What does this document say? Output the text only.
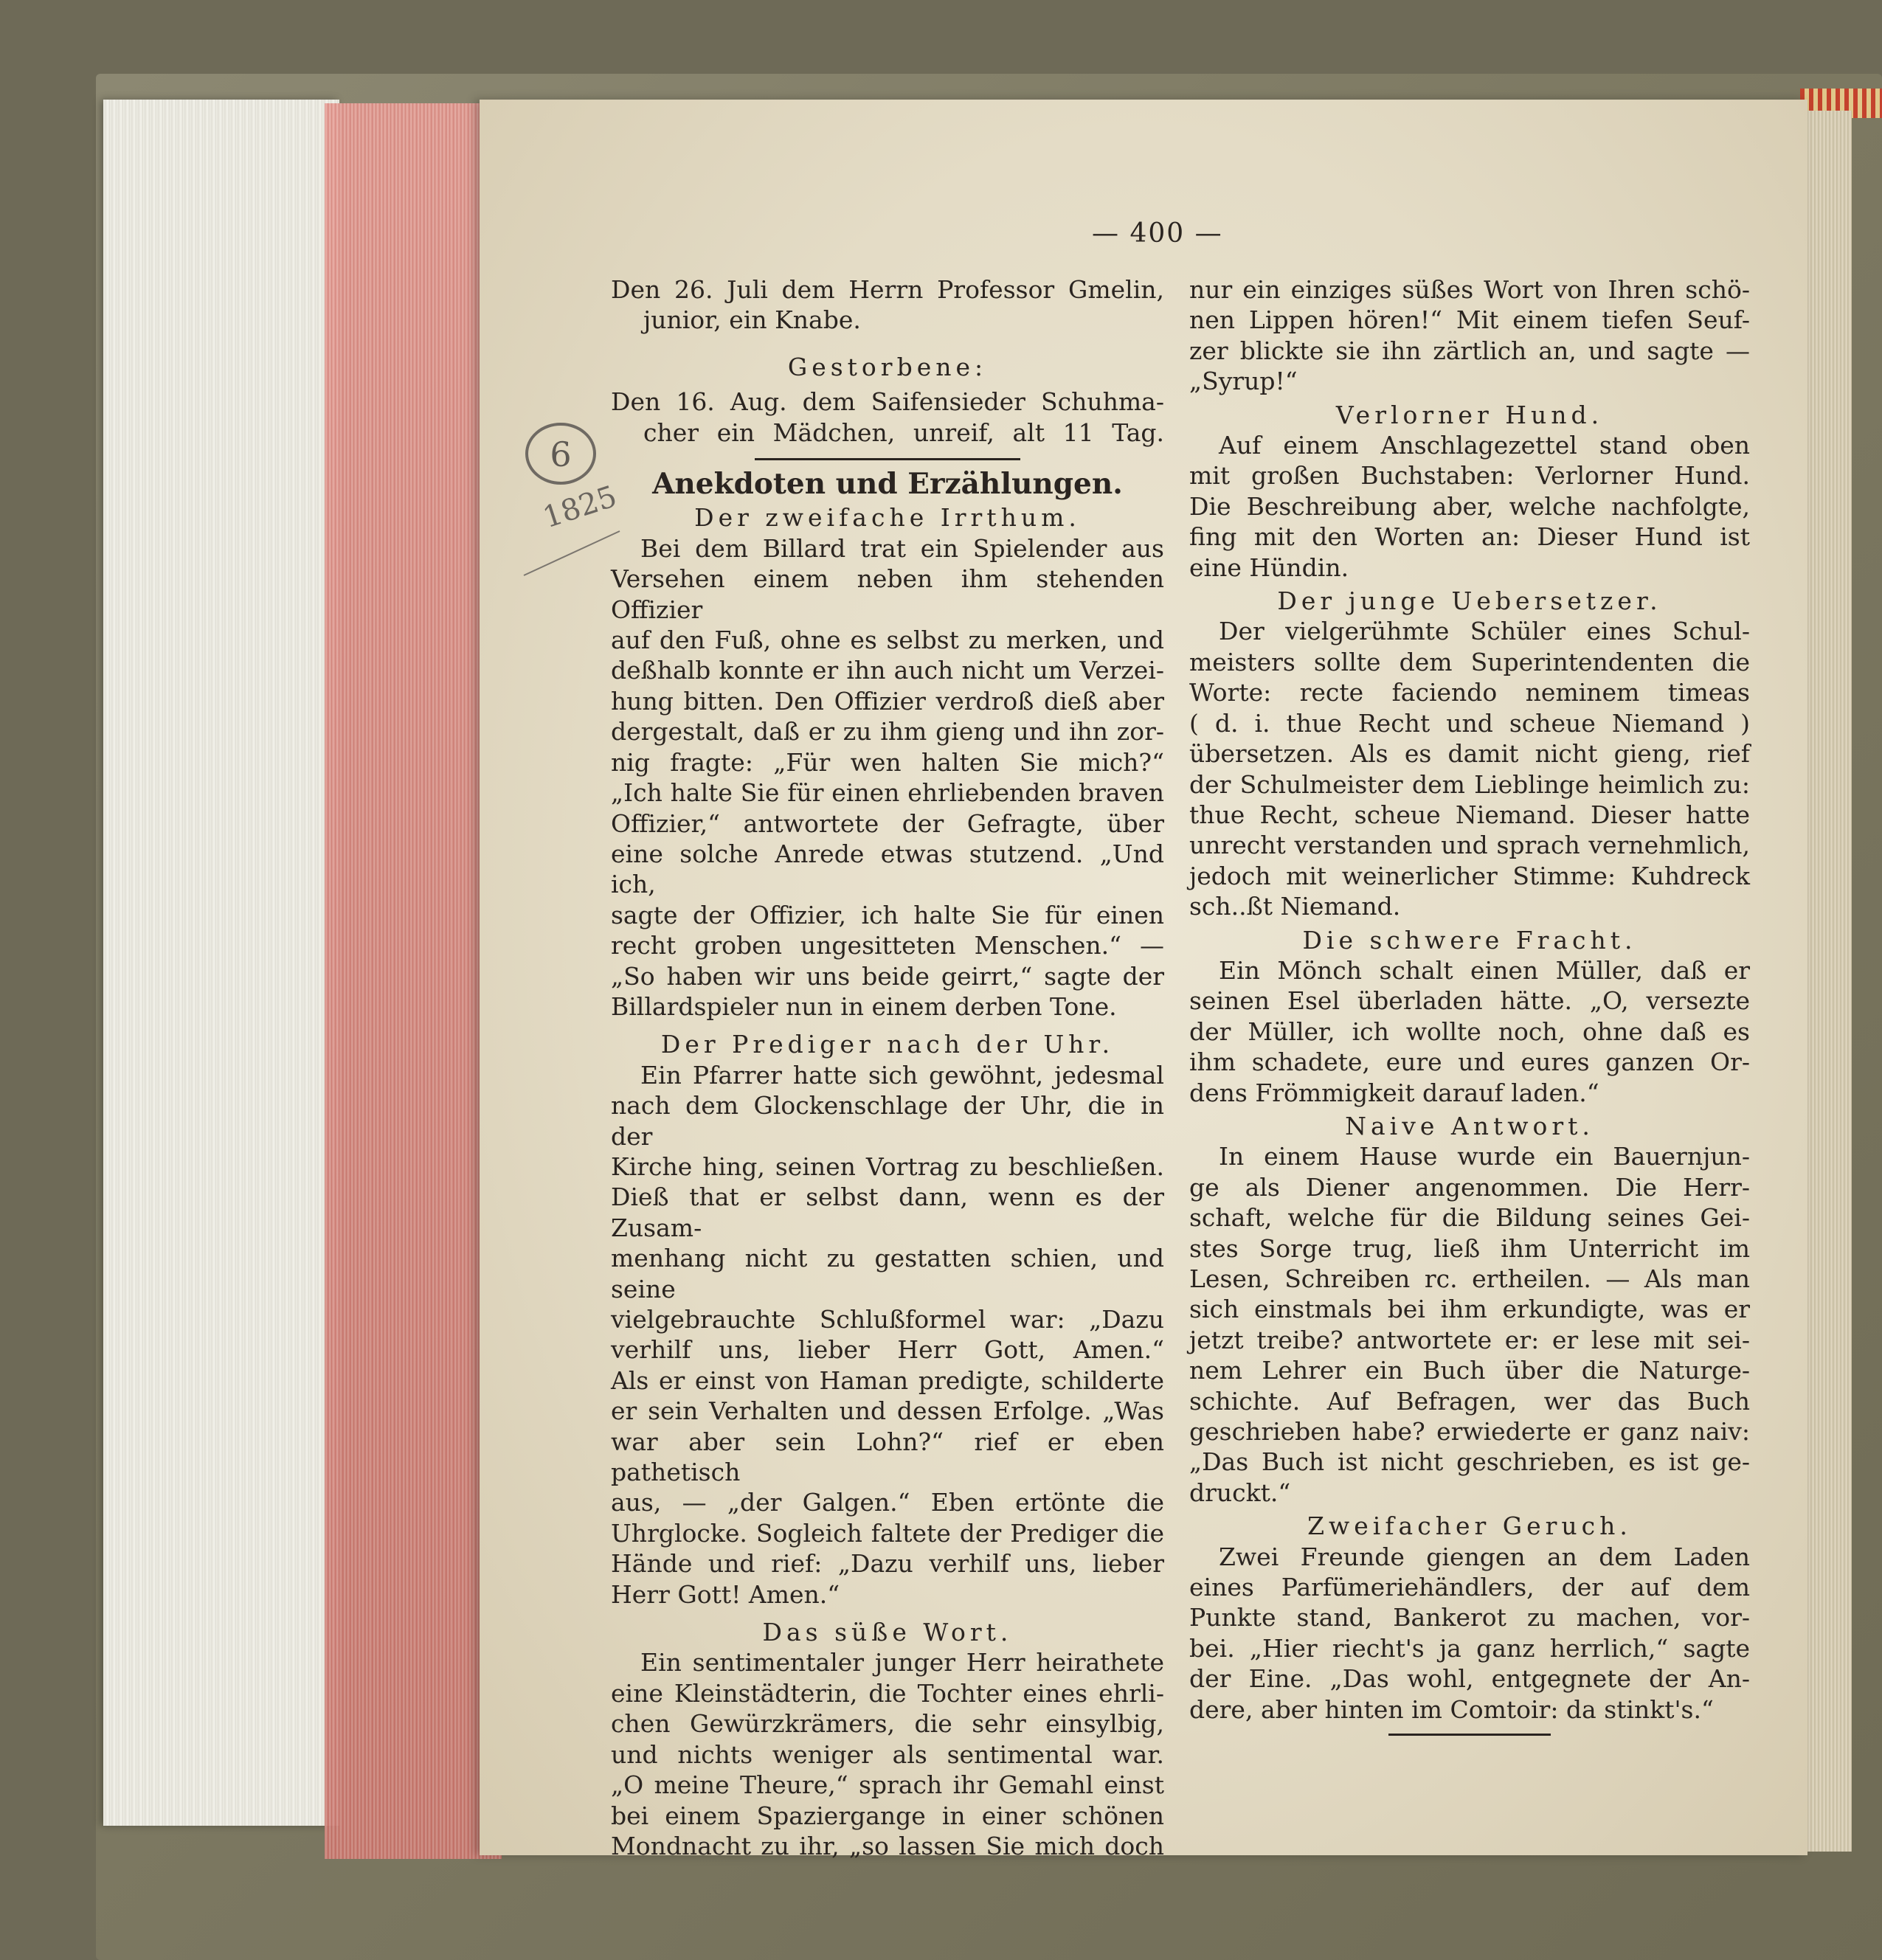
6
1825
— 400 —

Den 26. Juli dem Herrn Professor Gmelin,

junior, ein Knabe.

Gestorbene:

Den 16. Aug. dem Saifensieder Schuhma-

cher ein Mädchen, unreif, alt 11 Tag.

Anekdoten und Erzählungen.

Der zweifache Irrthum.

Bei dem Billard trat ein Spielender aus

Versehen einem neben ihm stehenden Offizier

auf den Fuß, ohne es selbst zu merken, und

deßhalb konnte er ihn auch nicht um Verzei-

hung bitten. Den Offizier verdroß dieß aber

dergestalt, daß er zu ihm gieng und ihn zor-

nig fragte: „Für wen halten Sie mich?“

„Ich halte Sie für einen ehrliebenden braven

Offizier,“ antwortete der Gefragte, über

eine solche Anrede etwas stutzend. „Und ich,

sagte der Offizier, ich halte Sie für einen

recht groben ungesitteten Menschen.“ —

„So haben wir uns beide geirrt,“ sagte der

Billardspieler nun in einem derben Tone.

Der Prediger nach der Uhr.

Ein Pfarrer hatte sich gewöhnt, jedesmal

nach dem Glockenschlage der Uhr, die in der

Kirche hing, seinen Vortrag zu beschließen.

Dieß that er selbst dann, wenn es der Zusam-

menhang nicht zu gestatten schien, und seine

vielgebrauchte Schlußformel war: „Dazu

verhilf uns, lieber Herr Gott, Amen.“

Als er einst von Haman predigte, schilderte

er sein Verhalten und dessen Erfolge. „Was

war aber sein Lohn?“ rief er eben pathetisch

aus, — „der Galgen.“ Eben ertönte die

Uhrglocke. Sogleich faltete der Prediger die

Hände und rief: „Dazu verhilf uns, lieber

Herr Gott! Amen.“

Das süße Wort.

Ein sentimentaler junger Herr heirathete

eine Kleinstädterin, die Tochter eines ehrli-

chen Gewürzkrämers, die sehr einsylbig,

und nichts weniger als sentimental war.

„O meine Theure,“ sprach ihr Gemahl einst

bei einem Spaziergange in einer schönen

Mondnacht zu ihr, „so lassen Sie mich doch

nur ein einziges süßes Wort von Ihren schö-

nen Lippen hören!“ Mit einem tiefen Seuf-

zer blickte sie ihn zärtlich an, und sagte —

„Syrup!“

Verlorner Hund.

Auf einem Anschlagezettel stand oben

mit großen Buchstaben: Verlorner Hund.

Die Beschreibung aber, welche nachfolgte,

fing mit den Worten an: Dieser Hund ist

eine Hündin.

Der junge Uebersetzer.

Der vielgerühmte Schüler eines Schul-

meisters sollte dem Superintendenten die

Worte: recte faciendo neminem timeas

( d. i. thue Recht und scheue Niemand )

übersetzen. Als es damit nicht gieng, rief

der Schulmeister dem Lieblinge heimlich zu:

thue Recht, scheue Niemand. Dieser hatte

unrecht verstanden und sprach vernehmlich,

jedoch mit weinerlicher Stimme: Kuhdreck

sch..ßt Niemand.

Die schwere Fracht.

Ein Mönch schalt einen Müller, daß er

seinen Esel überladen hätte. „O, versezte

der Müller, ich wollte noch, ohne daß es

ihm schadete, eure und eures ganzen Or-

dens Frömmigkeit darauf laden.“

Naive Antwort.

In einem Hause wurde ein Bauernjun-

ge als Diener angenommen. Die Herr-

schaft, welche für die Bildung seines Gei-

stes Sorge trug, ließ ihm Unterricht im

Lesen, Schreiben rc. ertheilen. — Als man

sich einstmals bei ihm erkundigte, was er

jetzt treibe? antwortete er: er lese mit sei-

nem Lehrer ein Buch über die Naturge-

schichte. Auf Befragen, wer das Buch

geschrieben habe? erwiederte er ganz naiv:

„Das Buch ist nicht geschrieben, es ist ge-

druckt.“

Zweifacher Geruch.

Zwei Freunde giengen an dem Laden

eines Parfümeriehändlers, der auf dem

Punkte stand, Bankerot zu machen, vor-

bei. „Hier riecht's ja ganz herrlich,“ sagte

der Eine. „Das wohl, entgegnete der An-

dere, aber hinten im Comtoir: da stinkt's.“
